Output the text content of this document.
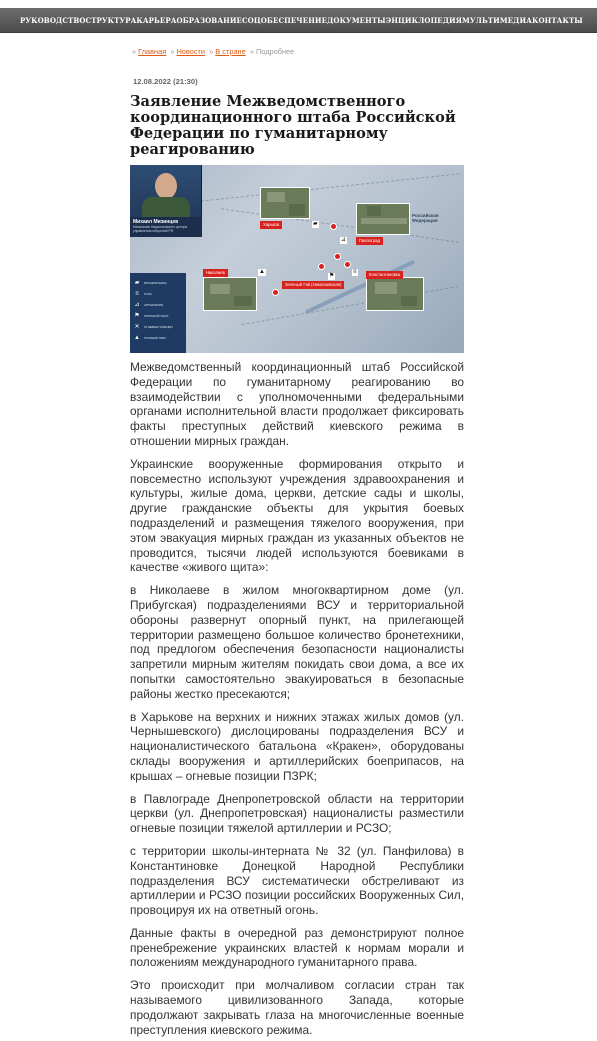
РУКОВОДСТВО СТРУКТУРА КАРЬЕРА ОБРАЗОВАНИЕ СОЦОБЕСПЕЧЕНИЕ ДОКУМЕНТЫ ЭНЦИКЛОПЕДИЯ МУЛЬТИМЕДИА КОНТАКТЫ
» Главная » Новости » В стране » Подробнее
12.08.2022 (21:30)
Заявление Межведомственного координационного штаба Российской Федерации по гуманитарному реагированию
Михаил Мизинцев
Начальник Национального центра управления обороной РФ
▰	БРОНЕТЕХНИКА
≡	РСЗО
⊿	АРТИЛЛЕРИЯ
⚑	ОПОРНЫЙ ПУНКТ
✕	ОГНЕВЫЕ ПОЗИЦИИ
▲	ПОЗИЦИИ ПЗРК
Харьков
Павлоград
Николаев	Константиновка
Зеленый Гай (Николаевская)
Российская Федерация
▰
⊿
≡
▲
⚑

Межведомственный координационный штаб Российской Федерации по гуманитарному реагированию во взаимодействии с уполномоченными федеральными органами исполнительной власти продолжает фиксировать факты преступных действий киевского режима в отношении мирных граждан.

Украинские вооруженные формирования открыто и повсеместно используют учреждения здравоохранения и культуры, жилые дома, церкви, детские сады и школы, другие гражданские объекты для укрытия боевых подразделений и размещения тяжелого вооружения, при этом эвакуация мирных граждан из указанных объектов не проводится, тысячи людей используются боевиками в качестве «живого щита»:

в Николаеве в жилом многоквартирном доме (ул. Прибугская) подразделениями ВСУ и территориальной обороны развернут опорный пункт, на прилегающей территории размещено большое количество бронетехники, под предлогом обеспечения безопасности националисты запретили мирным жителям покидать свои дома, а все их попытки самостоятельно эвакуироваться в безопасные районы жестко пресекаются;

в Харькове на верхних и нижних этажах жилых домов (ул. Чернышевского) дислоцированы подразделения ВСУ и националистического батальона «Кракен», оборудованы склады вооружения и артиллерийских боеприпасов, на крышах – огневые позиции ПЗРК;

в Павлограде Днепропетровской области на территории церкви (ул. Днепропетровская) националисты разместили огневые позиции тяжелой артиллерии и РСЗО;

с территории школы-интерната № 32 (ул. Панфилова) в Константиновке Донецкой Народной Республики подразделения ВСУ систематически обстреливают из артиллерии и РСЗО позиции российских Вооруженных Сил, провоцируя их на ответный огонь.

Данные факты в очередной раз демонстрируют полное пренебрежение украинских властей к нормам морали и положениям международного гуманитарного права.

Это происходит при молчаливом согласии стран так называемого цивилизованного Запада, которые продолжают закрывать глаза на многочисленные военные преступления киевского режима.
